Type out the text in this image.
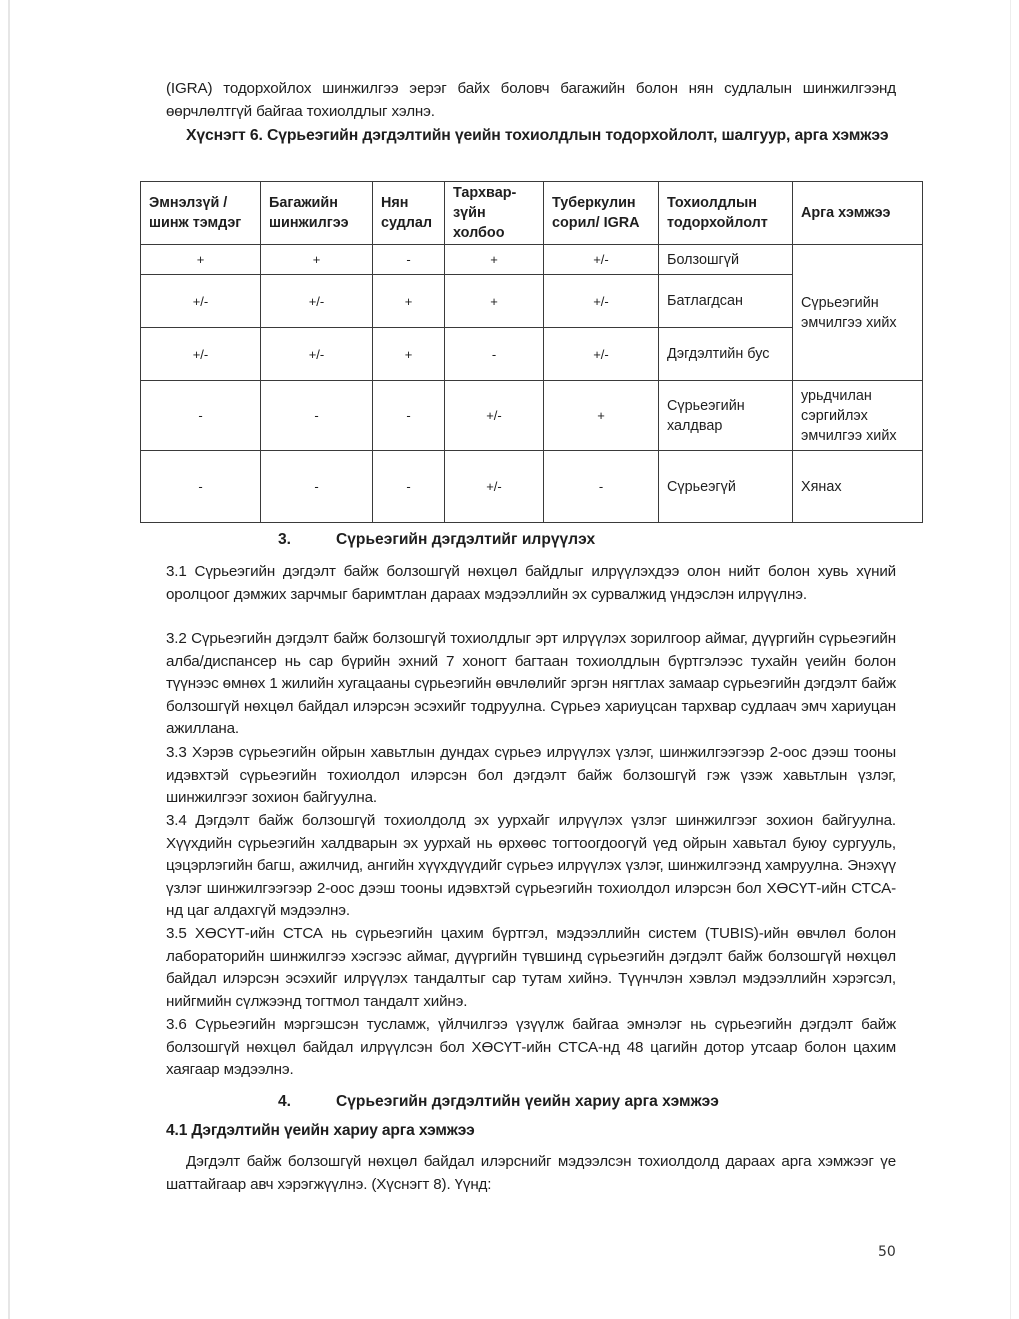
(IGRA) тодорхойлох шинжилгээ эерэг байх боловч багажийн болон нян судлалын шинжилгээнд өөрчлөлтгүй байгаа тохиолдлыг хэлнэ.
Хүснэгт 6. Сүрьеэгийн дэгдэлтийн үеийн тохиолдлын тодорхойлолт, шалгуур, арга хэмжээ
Эмнэлзүй /шинж тэмдэг	Багажийн шинжилгээ	Нян судлал	Тархвар-зүйн холбоо	Туберкулин сорил/ IGRA	Тохиолдлын тодорхойлолт	Арга хэмжээ
+	+	-	+	+/-	Болзошгүй	Сүрьеэгийн эмчилгээ хийх
+/-	+/-	+	+	+/-	Батлагдсан	
+/-	+/-	+	-	+/-	Дэгдэлтийн бус	
-	-	-	+/-	+	Сүрьеэгийн халдвар	урьдчилан сэргийлэх эмчилгээ хийх
-	-	-	+/-	-	Сүрьеэгүй	Хянах
3.	Сүрьеэгийн дэгдэлтийг илрүүлэх
3.1 Сүрьеэгийн дэгдэлт байж болзошгүй нөхцөл байдлыг илрүүлэхдээ олон нийт болон хувь хүний оролцоог дэмжих зарчмыг баримтлан дараах мэдээллийн эх сурвалжид үндэслэн илрүүлнэ.
3.2 Сүрьеэгийн дэгдэлт байж болзошгүй тохиолдлыг эрт илрүүлэх зорилгоор аймаг, дүүргийн сүрьеэгийн алба/диспансер нь сар бүрийн эхний 7 хоногт багтаан тохиолдлын бүртгэлээс тухайн үеийн болон түүнээс өмнөх 1 жилийн хугацааны сүрьеэгийн өвчлөлийг эргэн нягтлах замаар сүрьеэгийн дэгдэлт байж болзошгүй нөхцөл байдал илэрсэн эсэхийг тодруулна. Сүрьеэ хариуцсан тархвар судлаач эмч хариуцан ажиллана.
3.3 Хэрэв сүрьеэгийн ойрын хавьтлын дундах сүрьеэ илрүүлэх үзлэг, шинжилгээгээр 2-оос дээш тооны идэвхтэй сүрьеэгийн тохиолдол илэрсэн бол дэгдэлт байж болзошгүй гэж үзэж хавьтлын үзлэг, шинжилгээг зохион байгуулна.
3.4 Дэгдэлт байж болзошгүй тохиолдолд эх уурхайг илрүүлэх үзлэг шинжилгээг зохион байгуулна. Хүүхдийн сүрьеэгийн халдварын эх уурхай нь өрхөөс тогтоогдоогүй үед ойрын хавьтал буюу сургууль, цэцэрлэгийн багш, ажилчид, ангийн хүүхдүүдийг сүрьеэ илрүүлэх үзлэг, шинжилгээнд хамруулна. Энэхүү үзлэг шинжилгээгээр 2-оос дээш тооны идэвхтэй сүрьеэгийн тохиолдол илэрсэн бол ХӨСҮТ-ийн СТСА-нд цаг алдахгүй мэдээлнэ.
3.5 ХӨСҮТ-ийн СТСА нь сүрьеэгийн цахим бүртгэл, мэдээллийн систем (TUBIS)-ийн өвчлөл болон лабораторийн шинжилгээ хэсгээс аймаг, дүүргийн түвшинд сүрьеэгийн дэгдэлт байж болзошгүй нөхцөл байдал илэрсэн эсэхийг илрүүлэх тандалтыг сар тутам хийнэ. Түүнчлэн хэвлэл мэдээллийн хэрэгсэл, нийгмийн сүлжээнд тогтмол тандалт хийнэ.
3.6 Сүрьеэгийн мэргэшсэн тусламж, үйлчилгээ үзүүлж байгаа эмнэлэг нь сүрьеэгийн дэгдэлт байж болзошгүй нөхцөл байдал илрүүлсэн бол ХӨСҮТ-ийн СТСА-нд 48 цагийн дотор утсаар болон цахим хаягаар мэдээлнэ.
4.	Сүрьеэгийн дэгдэлтийн үеийн хариу арга хэмжээ
4.1 Дэгдэлтийн үеийн хариу арга хэмжээ
Дэгдэлт байж болзошгүй нөхцөл байдал илэрснийг мэдээлсэн тохиолдолд дараах арга хэмжээг үе шаттайгаар авч хэрэгжүүлнэ. (Хүснэгт 8). Үүнд:
50
